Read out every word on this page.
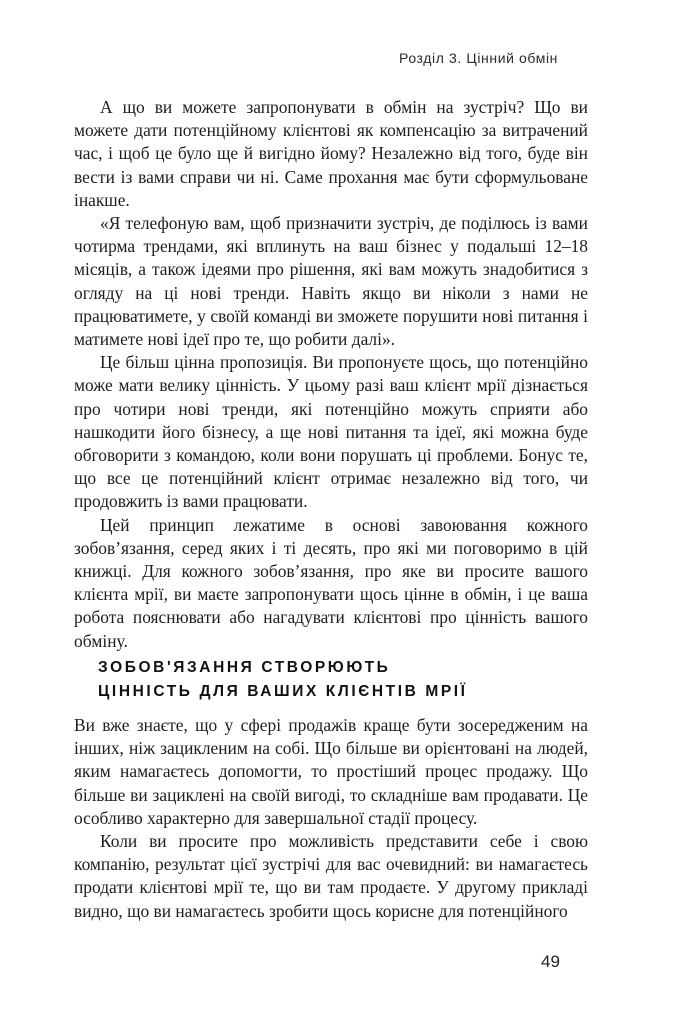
Розділ 3. Цінний обмін

А що ви можете запропонувати в обмін на зустріч? Що ви можете дати потенційному клієнтові як компенсацію за витрачений час, і щоб це було ще й вигідно йому? Незалежно від того, буде він вести із вами справи чи ні. Саме прохання має бути сформульоване інакше.

«Я телефоную вам, щоб призначити зустріч, де поділюсь із вами чотирма трендами, які вплинуть на ваш бізнес у подальші 12–18 місяців, а також ідеями про рішення, які вам можуть знадобитися з огляду на ці нові тренди. Навіть якщо ви ніколи з нами не працюватимете, у своїй команді ви зможете порушити нові питання і матимете нові ідеї про те, що робити далі».

Це більш цінна пропозиція. Ви пропонуєте щось, що потенційно може мати велику цінність. У цьому разі ваш клієнт мрії дізнається про чотири нові тренди, які потенційно можуть сприяти або нашкодити його бізнесу, а ще нові питання та ідеї, які можна буде обговорити з командою, коли вони порушать ці проблеми. Бонус те, що все це потенційний клієнт отримає незалежно від того, чи продовжить із вами працювати.

Цей принцип лежатиме в основі завоювання кожного зобов’язання, серед яких і ті десять, про які ми поговоримо в цій книжці. Для кожного зобов’язання, про яке ви просите вашого клієнта мрії, ви маєте запропонувати щось цінне в обмін, і це ваша робота пояснювати або нагадувати клієнтові про цінність вашого обміну.

ЗОБОВ'ЯЗАННЯ СТВОРЮЮТЬ
ЦІННІСТЬ ДЛЯ ВАШИХ КЛІЄНТІВ МРІЇ

Ви вже знаєте, що у сфері продажів краще бути зосередженим на інших, ніж зацикленим на собі. Що більше ви орієнтовані на людей, яким намагаєтесь допомогти, то простіший процес продажу. Що більше ви зациклені на своїй вигоді, то складніше вам продавати. Це особливо характерно для завершальної стадії процесу.

Коли ви просите про можливість представити себе і свою компанію, результат цієї зустрічі для вас очевидний: ви намагаєтесь продати клієнтові мрії те, що ви там продаєте. У другому прикладі видно, що ви намагаєтесь зробити щось корисне для потенційного

49
